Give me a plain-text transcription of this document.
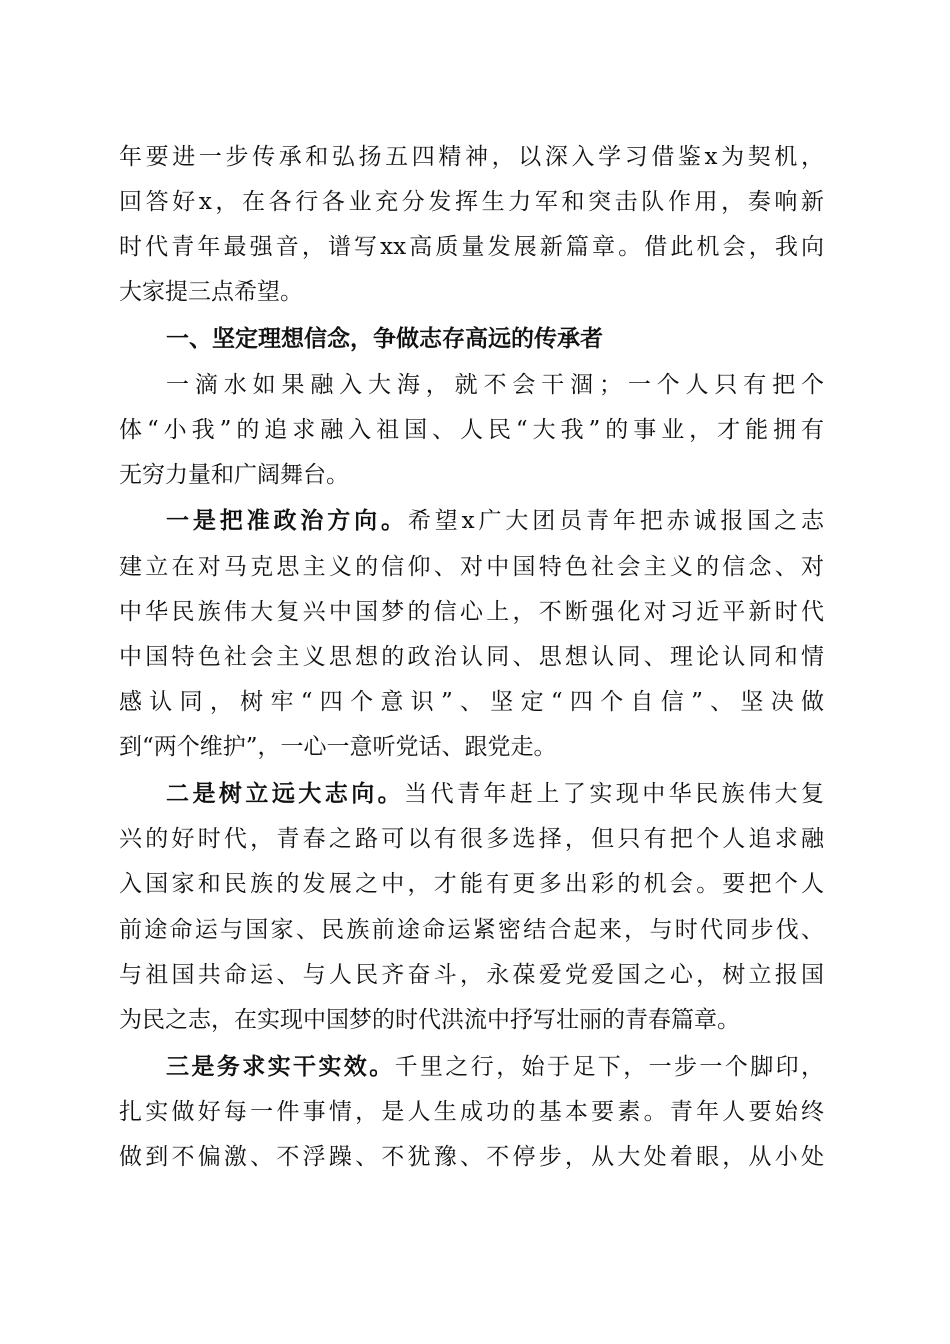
年要进一步传承和弘扬五四精神，以深入学习借鉴x为契机，
回答好x，在各行各业充分发挥生力军和突击队作用，奏响新
时代青年最强音，谱写xx高质量发展新篇章。借此机会，我向
大家提三点希望。
一、坚定理想信念，争做志存高远的传承者
一滴水如果融入大海，就不会干涸；一个人只有把个
体“小我”的追求融入祖国、人民“大我”的事业，才能拥有
无穷力量和广阔舞台。
一是把准政治方向。希望x广大团员青年把赤诚报国之志
建立在对马克思主义的信仰、对中国特色社会主义的信念、对
中华民族伟大复兴中国梦的信心上，不断强化对习近平新时代
中国特色社会主义思想的政治认同、思想认同、理论认同和情
感认同，树牢“四个意识”、坚定“四个自信”、坚决做
到“两个维护”，一心一意听党话、跟党走。
二是树立远大志向。当代青年赶上了实现中华民族伟大复
兴的好时代，青春之路可以有很多选择，但只有把个人追求融
入国家和民族的发展之中，才能有更多出彩的机会。要把个人
前途命运与国家、民族前途命运紧密结合起来，与时代同步伐、
与祖国共命运、与人民齐奋斗，永葆爱党爱国之心，树立报国
为民之志，在实现中国梦的时代洪流中抒写壮丽的青春篇章。
三是务求实干实效。千里之行，始于足下，一步一个脚印，
扎实做好每一件事情，是人生成功的基本要素。青年人要始终
做到不偏激、不浮躁、不犹豫、不停步，从大处着眼，从小处
